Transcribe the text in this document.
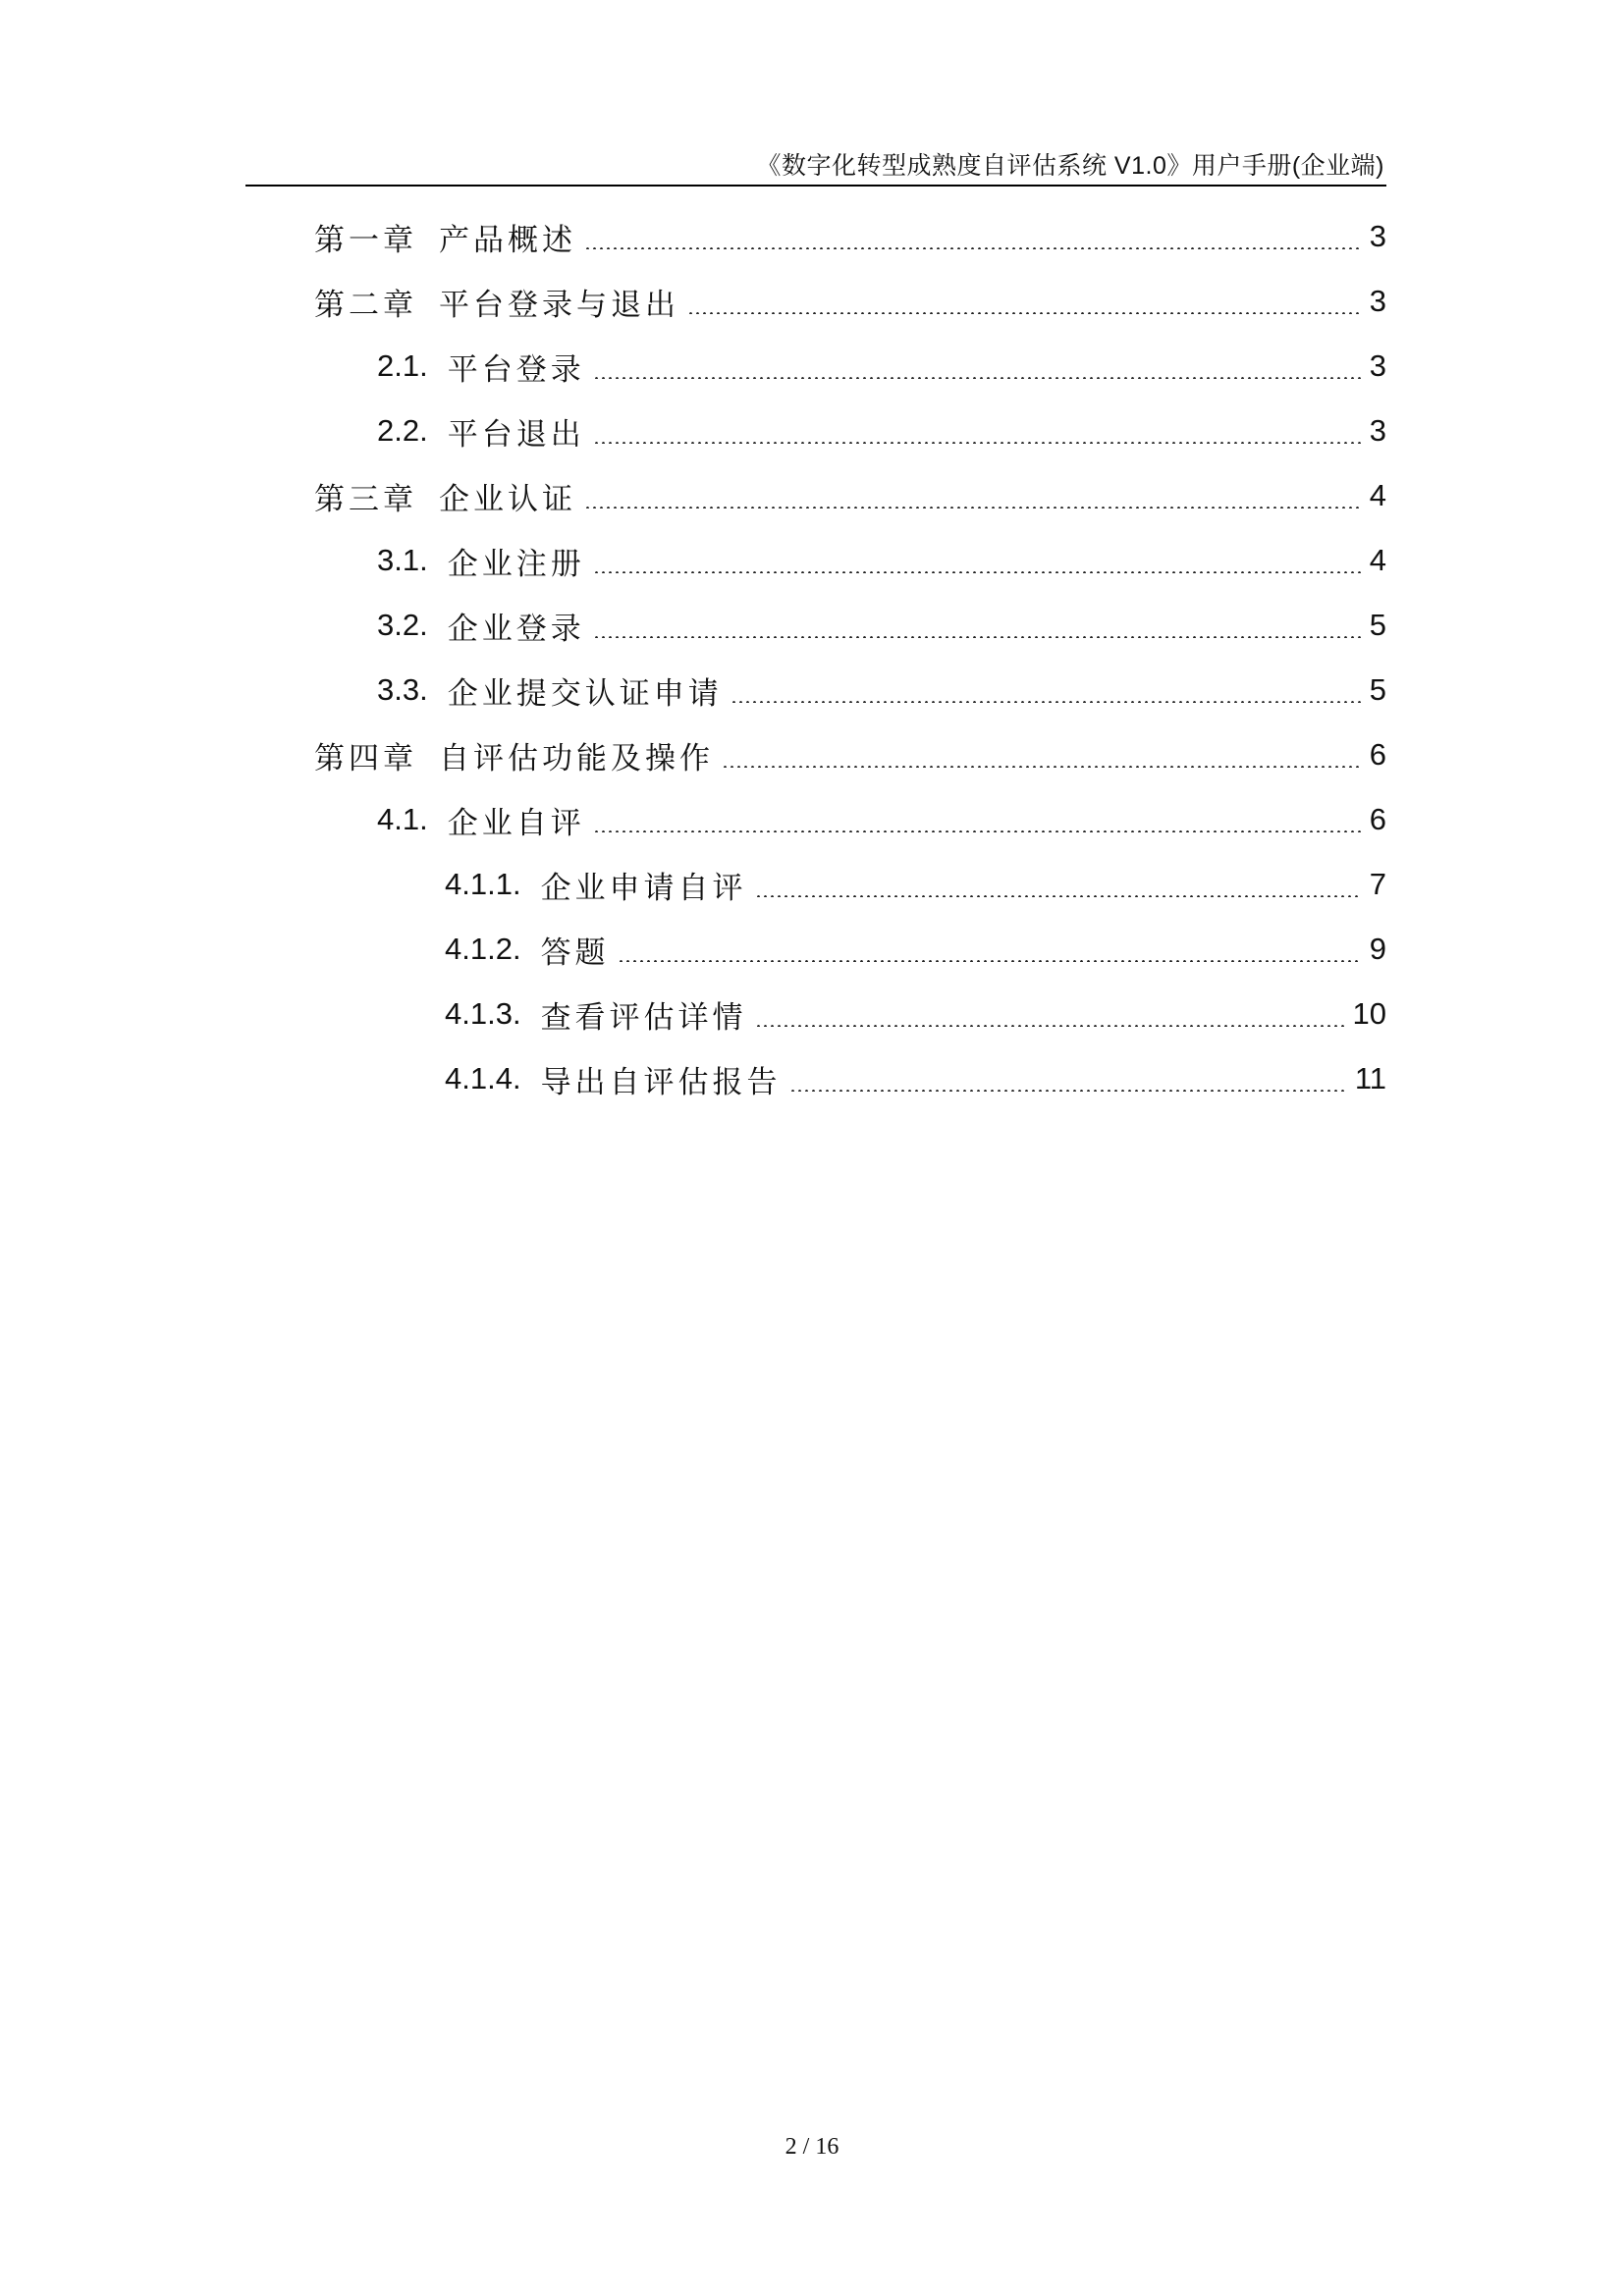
《数字化转型成熟度自评估系统 V1.0》用户手册(企业端)
第一章 产品概述	3
第二章 平台登录与退出	3
2.1. 平台登录	3
2.2. 平台退出	3
第三章 企业认证	4
3.1. 企业注册	4
3.2. 企业登录	5
3.3. 企业提交认证申请	5
第四章 自评估功能及操作	6
4.1. 企业自评	6
4.1.1. 企业申请自评	7
4.1.2. 答题	9
4.1.3. 查看评估详情	10
4.1.4. 导出自评估报告	11
2 / 16
